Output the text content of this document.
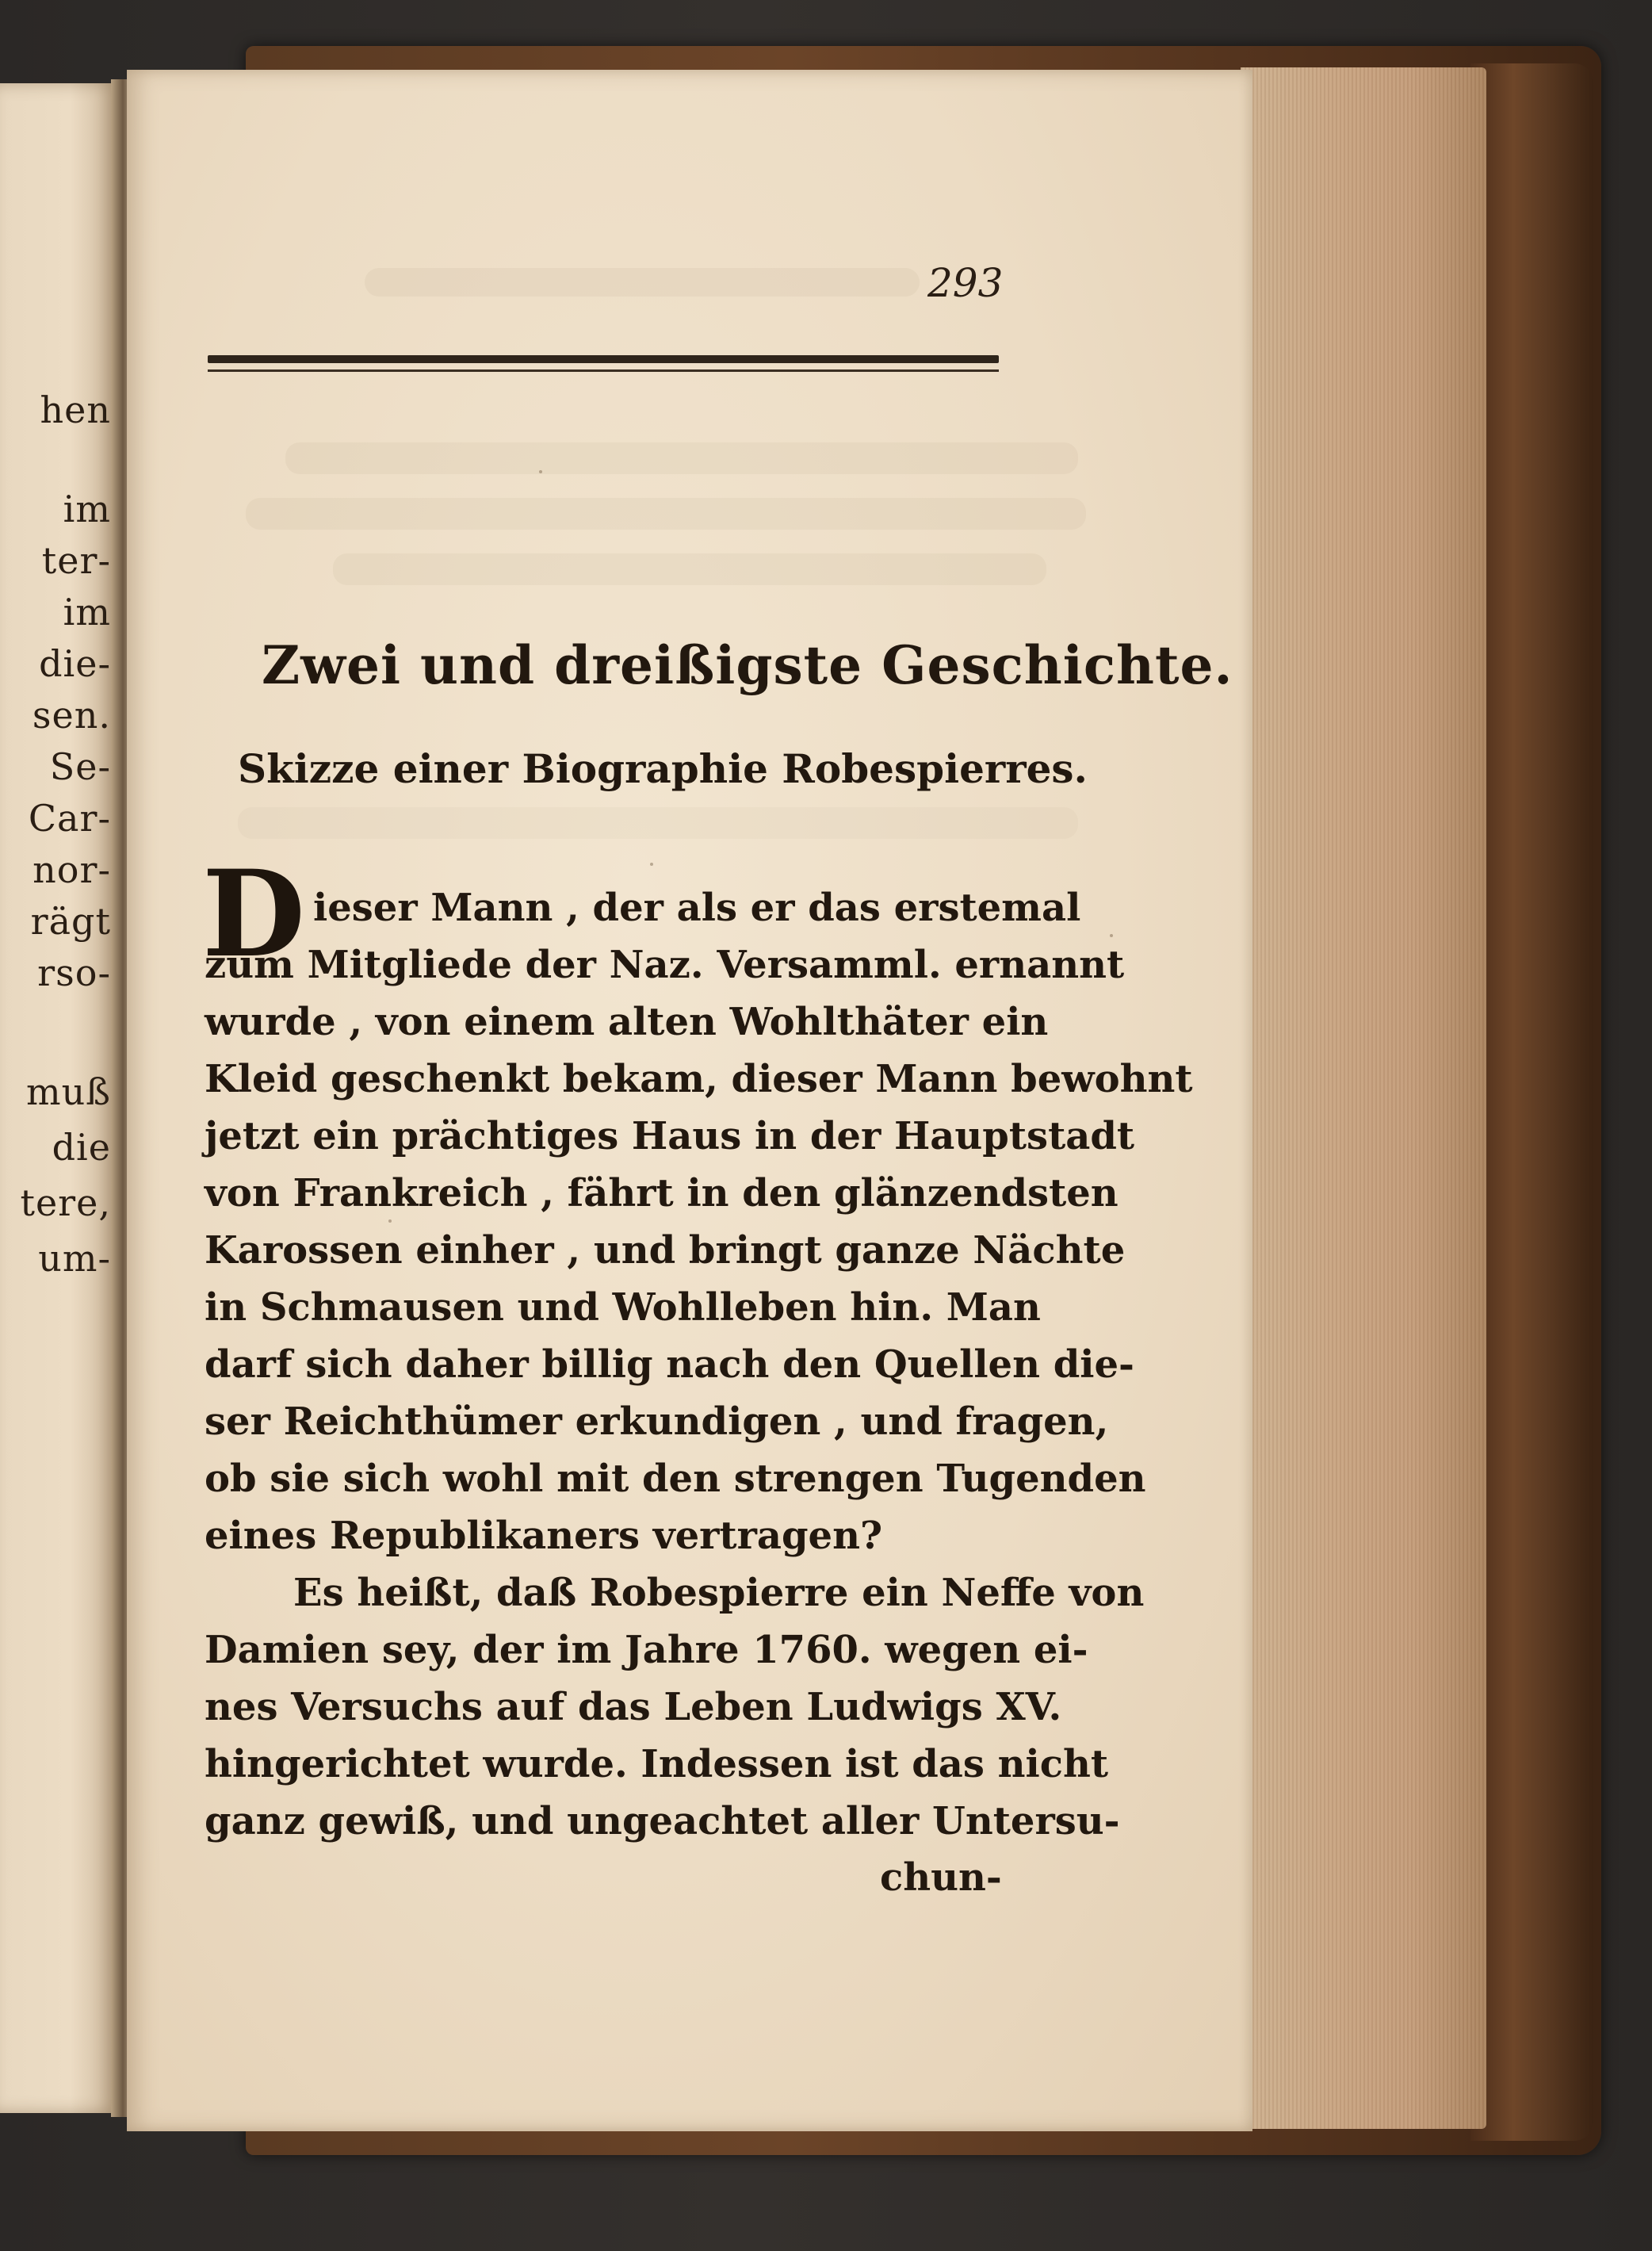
hen
im
ter-
im
die-
sen.
Se-
Car-
nor-
rägt
rso-
muß
die
tere,
um-
293
Zwei und dreißigste Geschichte.
Skizze einer Biographie Robespierres.
D ieser Mann , der als er das erstemal
zum Mitgliede der Naz. Versamml. ernannt
wurde , von einem alten Wohlthäter ein
Kleid geschenkt bekam, dieser Mann bewohnt
jetzt ein prächtiges Haus in der Hauptstadt
von Frankreich , fährt in den glänzendsten
Karossen einher , und bringt ganze Nächte
in Schmausen und Wohlleben hin. Man
darf sich daher billig nach den Quellen die-
ser Reichthümer erkundigen , und fragen,
ob sie sich wohl mit den strengen Tugenden
eines Republikaners vertragen?
Es heißt, daß Robespierre ein Neffe von
Damien sey, der im Jahre 1760. wegen ei-
nes Versuchs auf das Leben Ludwigs XV.
hingerichtet wurde. Indessen ist das nicht
ganz gewiß, und ungeachtet aller Untersu-
chun-
